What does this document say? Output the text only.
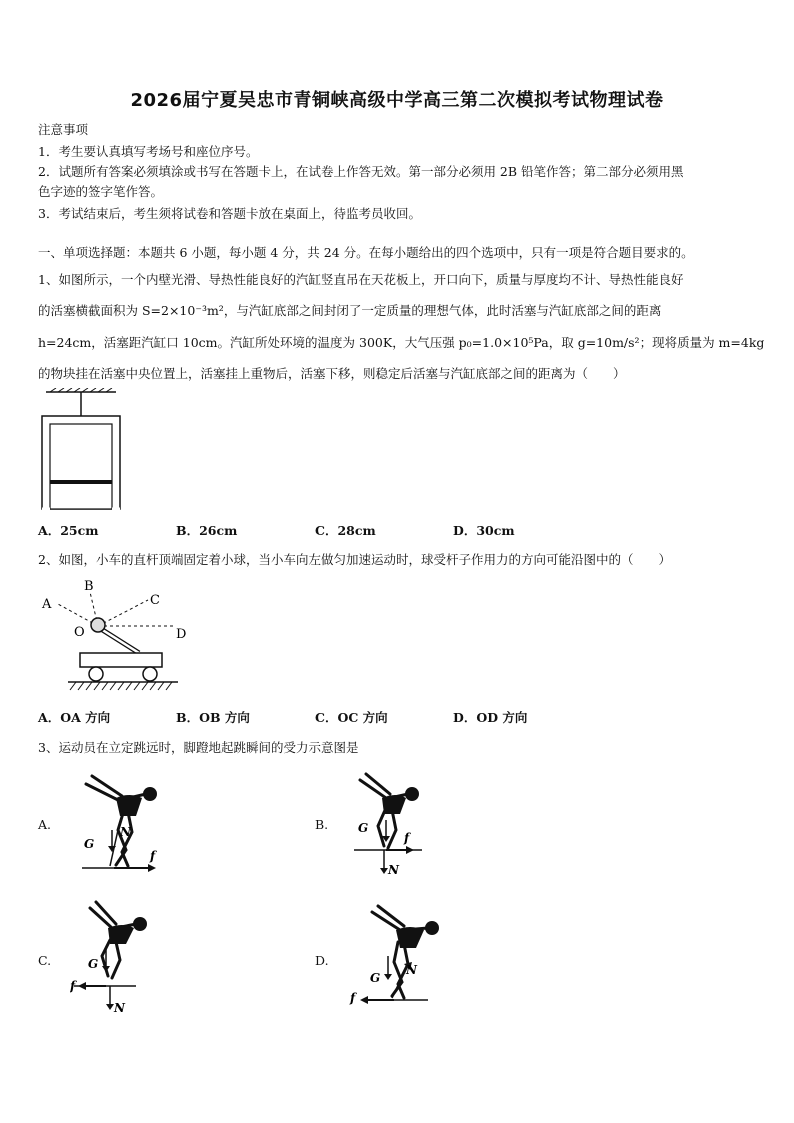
2026届宁夏吴忠市青铜峡高级中学高三第二次模拟考试物理试卷
注意事项
1．考生要认真填写考场号和座位序号。
2．试题所有答案必须填涂或书写在答题卡上，在试卷上作答无效。第一部分必须用 2B 铅笔作答；第二部分必须用黑
色字迹的签字笔作答。
3．考试结束后，考生须将试卷和答题卡放在桌面上，待监考员收回。
一、单项选择题：本题共 6 小题，每小题 4 分，共 24 分。在每小题给出的四个选项中，只有一项是符合题目要求的。
1、如图所示，一个内壁光滑、导热性能良好的汽缸竖直吊在天花板上，开口向下，质量与厚度均不计、导热性能良好
的活塞横截面积为 S=2×10⁻³m²，与汽缸底部之间封闭了一定质量的理想气体，此时活塞与汽缸底部之间的距离
h=24cm，活塞距汽缸口 10cm。汽缸所处环境的温度为 300K，大气压强 p₀=1.0×10⁵Pa，取 g=10m/s²；现将质量为 m=4kg
的物块挂在活塞中央位置上，活塞挂上重物后，活塞下移，则稳定后活塞与汽缸底部之间的距离为（　　）
A．25cm	B．26cm	C．28cm	D．30cm
2、如图，小车的直杆顶端固定着小球，当小车向左做匀加速运动时，球受杆子作用力的方向可能沿图中的（　　）
A
B
C
D
O
A．OA 方向	B．OB 方向	C．OC 方向	D．OD 方向
3、运动员在立定跳远时，脚蹬地起跳瞬间的受力示意图是
A.	B.
C.	D.
G
N
f
G
f
N
G
f
N
G
N
f
